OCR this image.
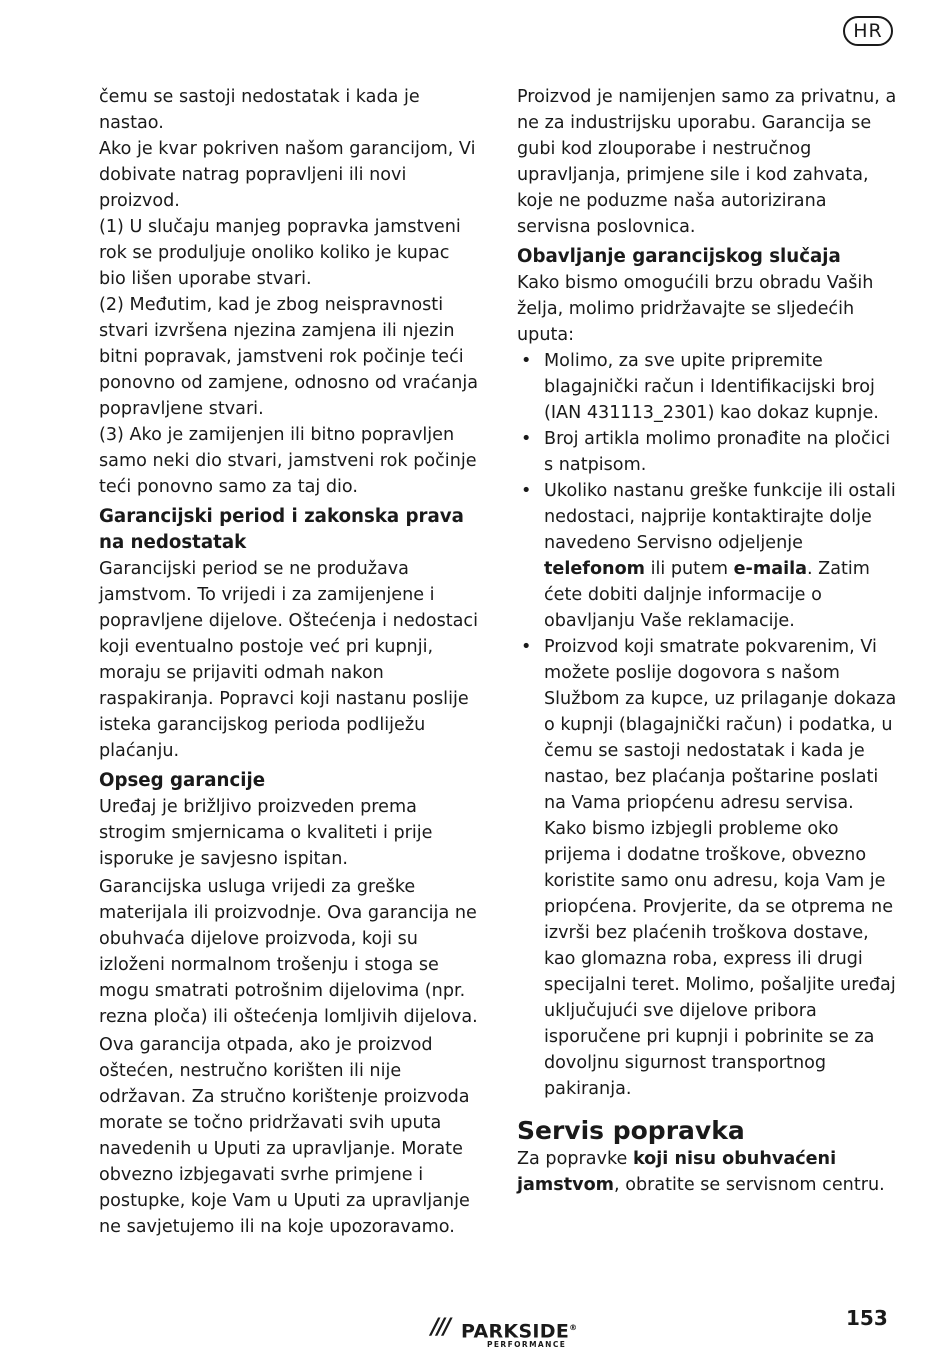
HR

čemu se sastoji nedostatak i kada je nastao.

Ako je kvar pokriven našom garancijom, Vi dobivate natrag popravljeni ili novi proizvod.

(1) U slučaju manjeg popravka jamstveni rok se produljuje onoliko koliko je kupac bio lišen uporabe stvari.

(2) Međutim, kad je zbog neispravnosti stvari izvršena njezina zamjena ili njezin bitni popravak, jamstveni rok počinje teći ponovno od zamjene, odnosno od vraćanja popravljene stvari.

(3) Ako je zamijenjen ili bitno popravljen samo neki dio stvari, jamstveni rok počinje teći ponovno samo za taj dio.

Garancijski period i zakonska prava na nedostatak

Garancijski period se ne produžava jamstvom. To vrijedi i za zamijenjene i popravljene dijelove. Oštećenja i nedostaci koji eventualno postoje već pri kupnji, moraju se prijaviti odmah nakon raspakiranja. Popravci koji nastanu poslije isteka garancijskog perioda podliježu plaćanju.

Opseg garancije

Uređaj je brižljivo proizveden prema strogim smjernicama o kvaliteti i prije isporuke je savjesno ispitan.

Garancijska usluga vrijedi za greške materijala ili proizvodnje. Ova garancija ne obuhvaća dijelove proizvoda, koji su izloženi normalnom trošenju i stoga se mogu smatrati potrošnim dijelovima (npr. rezna ploča) ili oštećenja lomljivih dijelova.

Ova garancija otpada, ako je proizvod oštećen, nestručno korišten ili nije održavan. Za stručno korištenje proizvoda morate se točno pridržavati svih uputa navedenih u Uputi za upravljanje. Morate obvezno izbjegavati svrhe primjene i postupke, koje Vam u Uputi za upravljanje ne savjetujemo ili na koje upozoravamo.

Proizvod je namijenjen samo za privatnu, a ne za industrijsku uporabu. Garancija se gubi kod zlouporabe i nestručnog upravljanja, primjene sile i kod zahvata, koje ne poduzme naša autorizirana servisna poslovnica.

Obavljanje garancijskog slučaja

Kako bismo omogućili brzu obradu Vaših želja, molimo pridržavajte se sljedećih uputa:

• Molimo, za sve upite pripremite blagajnički račun i Identifikacijski broj (IAN 431113_2301) kao dokaz kupnje.
• Broj artikla molimo pronađite na pločici s natpisom.
• Ukoliko nastanu greške funkcije ili ostali nedostaci, najprije kontaktirajte dolje navedeno Servisno odjeljenje telefonom ili putem e-maila. Zatim ćete dobiti daljnje informacije o obavljanju Vaše reklamacije.
• Proizvod koji smatrate pokvarenim, Vi možete poslije dogovora s našom Službom za kupce, uz prilaganje dokaza o kupnji (blagajnički račun) i podatka, u čemu se sastoji nedostatak i kada je nastao, bez plaćanja poštarine poslati na Vama priopćenu adresu servisa. Kako bismo izbjegli probleme oko prijema i dodatne troškove, obvezno koristite samo onu adresu, koja Vam je priopćena. Provjerite, da se otprema ne izvrši bez plaćenih troškova dostave, kao glomazna roba, express ili drugi specijalni teret. Molimo, pošaljite uređaj uključujući sve dijelove pribora isporučene pri kupnji i pobrinite se za dovoljnu sigurnost transportnog pakiranja.
Servis popravka

Za popravke koji nisu obuhvaćeni jamstvom, obratite se servisnom centru.

/// PARKSIDE®
PERFORMANCE
153
